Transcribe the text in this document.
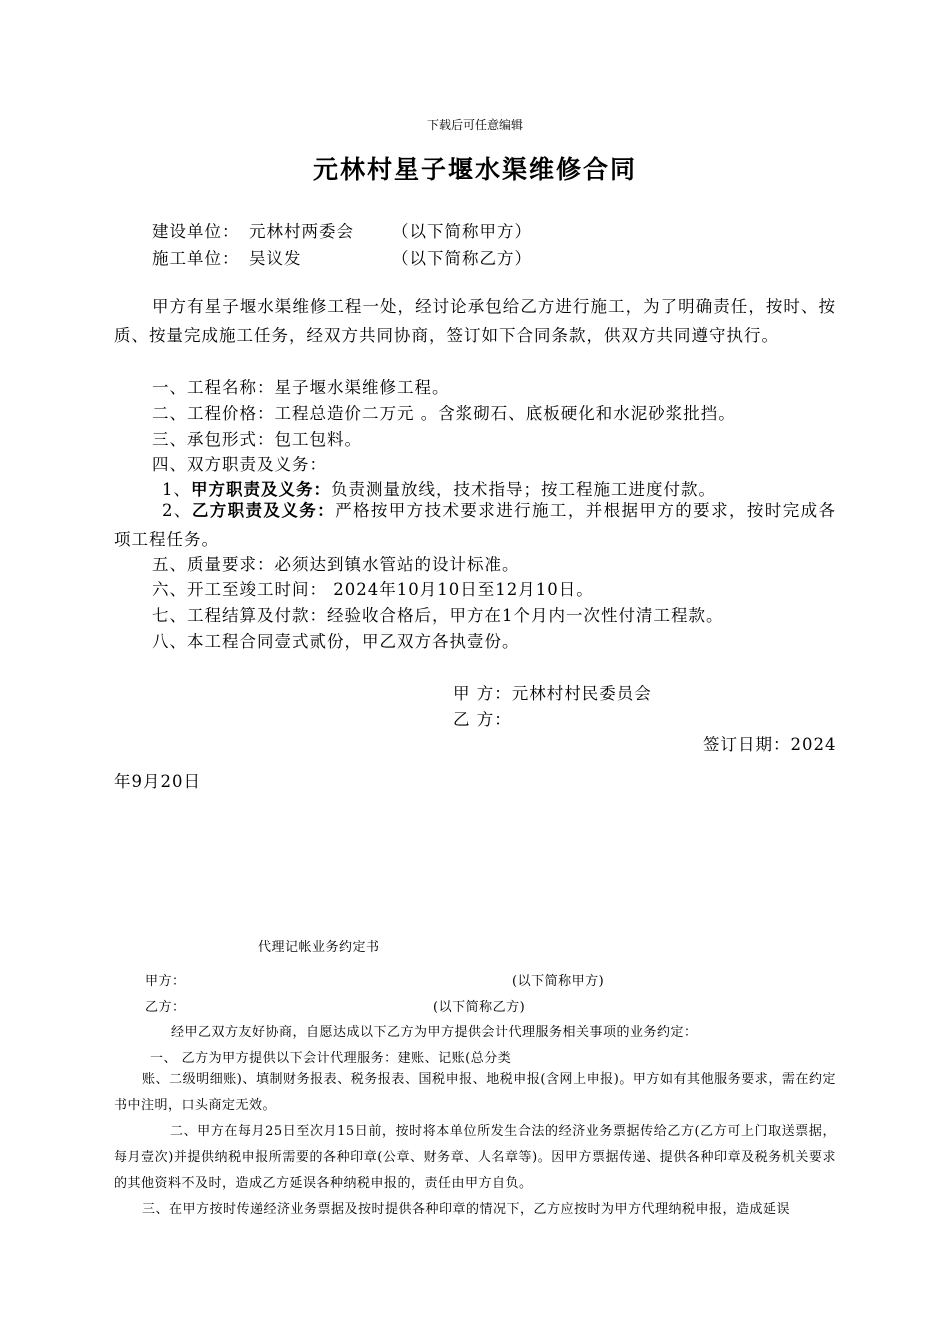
下载后可任意编辑
元林村星子堰水渠维修合同
建设单位： 元林村两委会 （以下简称甲方）
施工单位： 吴议发	（以下简称乙方）
甲方有星子堰水渠维修工程一处，经讨论承包给乙方进行施工，为了明确责任，按时、按质、按量完成施工任务，经双方共同协商，签订如下合同条款，供双方共同遵守执行。
一、工程名称：星子堰水渠维修工程。
二、工程价格：工程总造价二万元 。含浆砌石、底板硬化和水泥砂浆批挡。
三、承包形式：包工包料。
四、双方职责及义务：
1、甲方职责及义务：负责测量放线，技术指导；按工程施工进度付款。
2、乙方职责及义务：严格按甲方技术要求进行施工，并根据甲方的要求，按时完成各项工程任务。
五、质量要求：必须达到镇水管站的设计标准。
六、开工至竣工时间： 2024年10月10日至12月10日。
七、工程结算及付款：经验收合格后，甲方在1个月内一次性付清工程款。
八、本工程合同壹式贰份，甲乙双方各执壹份。
甲 方：元林村村民委员会
乙 方：
签订日期：2024
年9月20日
代理记帐业务约定书
甲方：	(以下简称甲方)
乙方：	(以下简称乙方)
经甲乙双方友好协商，自愿达成以下乙方为甲方提供会计代理服务相关事项的业务约定：
一、 乙方为甲方提供以下会计代理服务：建账、记账(总分类
账、二级明细账)、填制财务报表、税务报表、国税申报、地税申报(含网上申报)。甲方如有其他服务要求，需在约定书中注明，口头商定无效。
二、甲方在每月25日至次月15日前，按时将本单位所发生合法的经济业务票据传给乙方(乙方可上门取送票据，每月壹次)并提供纳税申报所需要的各种印章(公章、财务章、人名章等)。因甲方票据传递、提供各种印章及税务机关要求的其他资料不及时，造成乙方延误各种纳税申报的，责任由甲方自负。
三、在甲方按时传递经济业务票据及按时提供各种印章的情况下，乙方应按时为甲方代理纳税申报，造成延误
